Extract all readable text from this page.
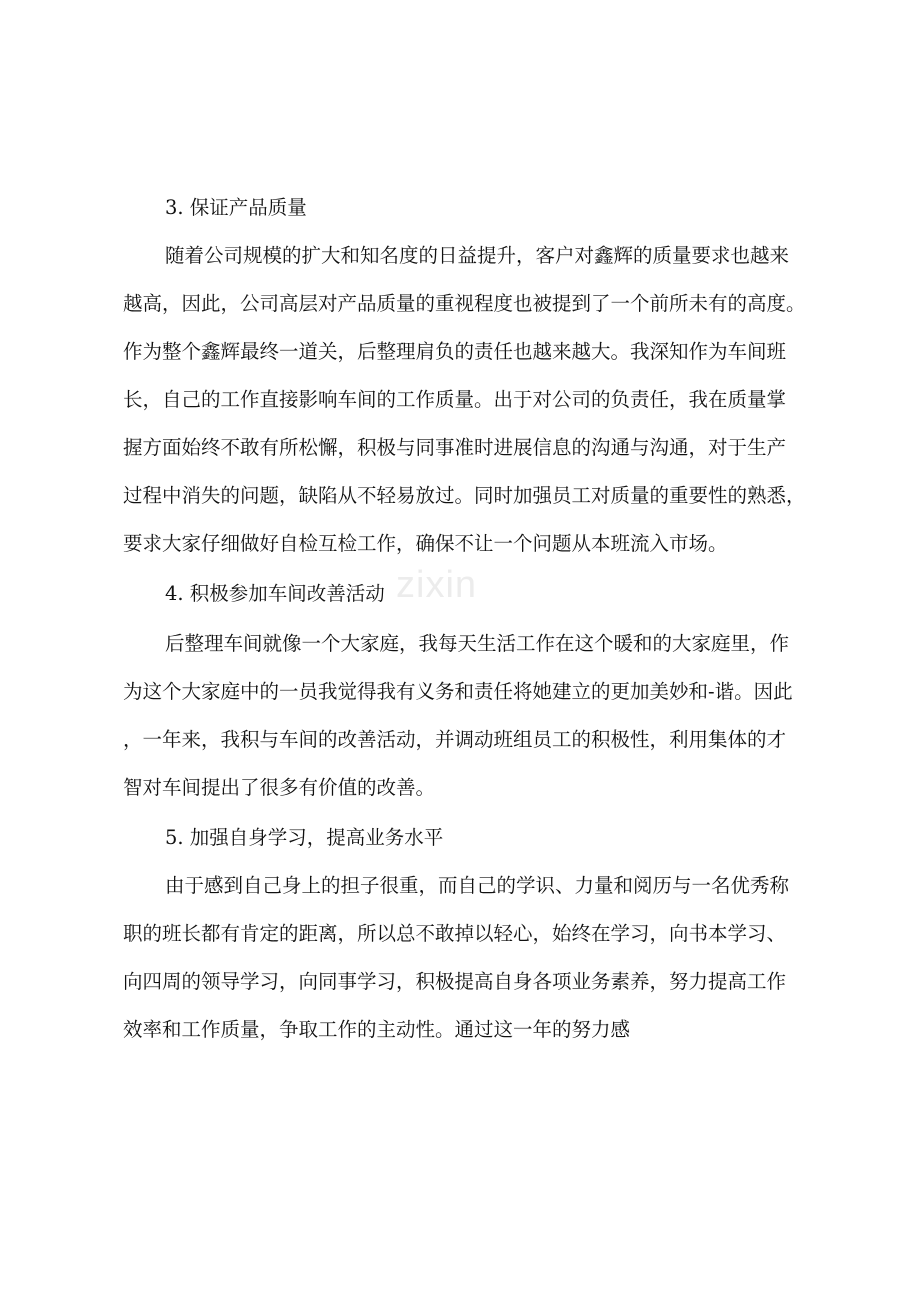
zixin
3. 保证产品质量
随着公司规模的扩大和知名度的日益提升，客户对鑫辉的质量要求也越来
越高，因此，公司高层对产品质量的重视程度也被提到了一个前所未有的高度。
作为整个鑫辉最终一道关，后整理肩负的责任也越来越大。我深知作为车间班
长，自己的工作直接影响车间的工作质量。出于对公司的负责任，我在质量掌
握方面始终不敢有所松懈，积极与同事准时进展信息的沟通与沟通，对于生产
过程中消失的问题，缺陷从不轻易放过。同时加强员工对质量的重要性的熟悉，
要求大家仔细做好自检互检工作，确保不让一个问题从本班流入市场。
4. 积极参加车间改善活动
后整理车间就像一个大家庭，我每天生活工作在这个暖和的大家庭里，作
为这个大家庭中的一员我觉得我有义务和责任将她建立的更加美妙和-谐。因此
，一年来，我积与车间的改善活动，并调动班组员工的积极性，利用集体的才
智对车间提出了很多有价值的改善。
5. 加强自身学习，提高业务水平
由于感到自己身上的担子很重，而自己的学识、力量和阅历与一名优秀称
职的班长都有肯定的距离，所以总不敢掉以轻心，始终在学习，向书本学习、
向四周的领导学习，向同事学习，积极提高自身各项业务素养，努力提高工作
效率和工作质量，争取工作的主动性。通过这一年的努力感
